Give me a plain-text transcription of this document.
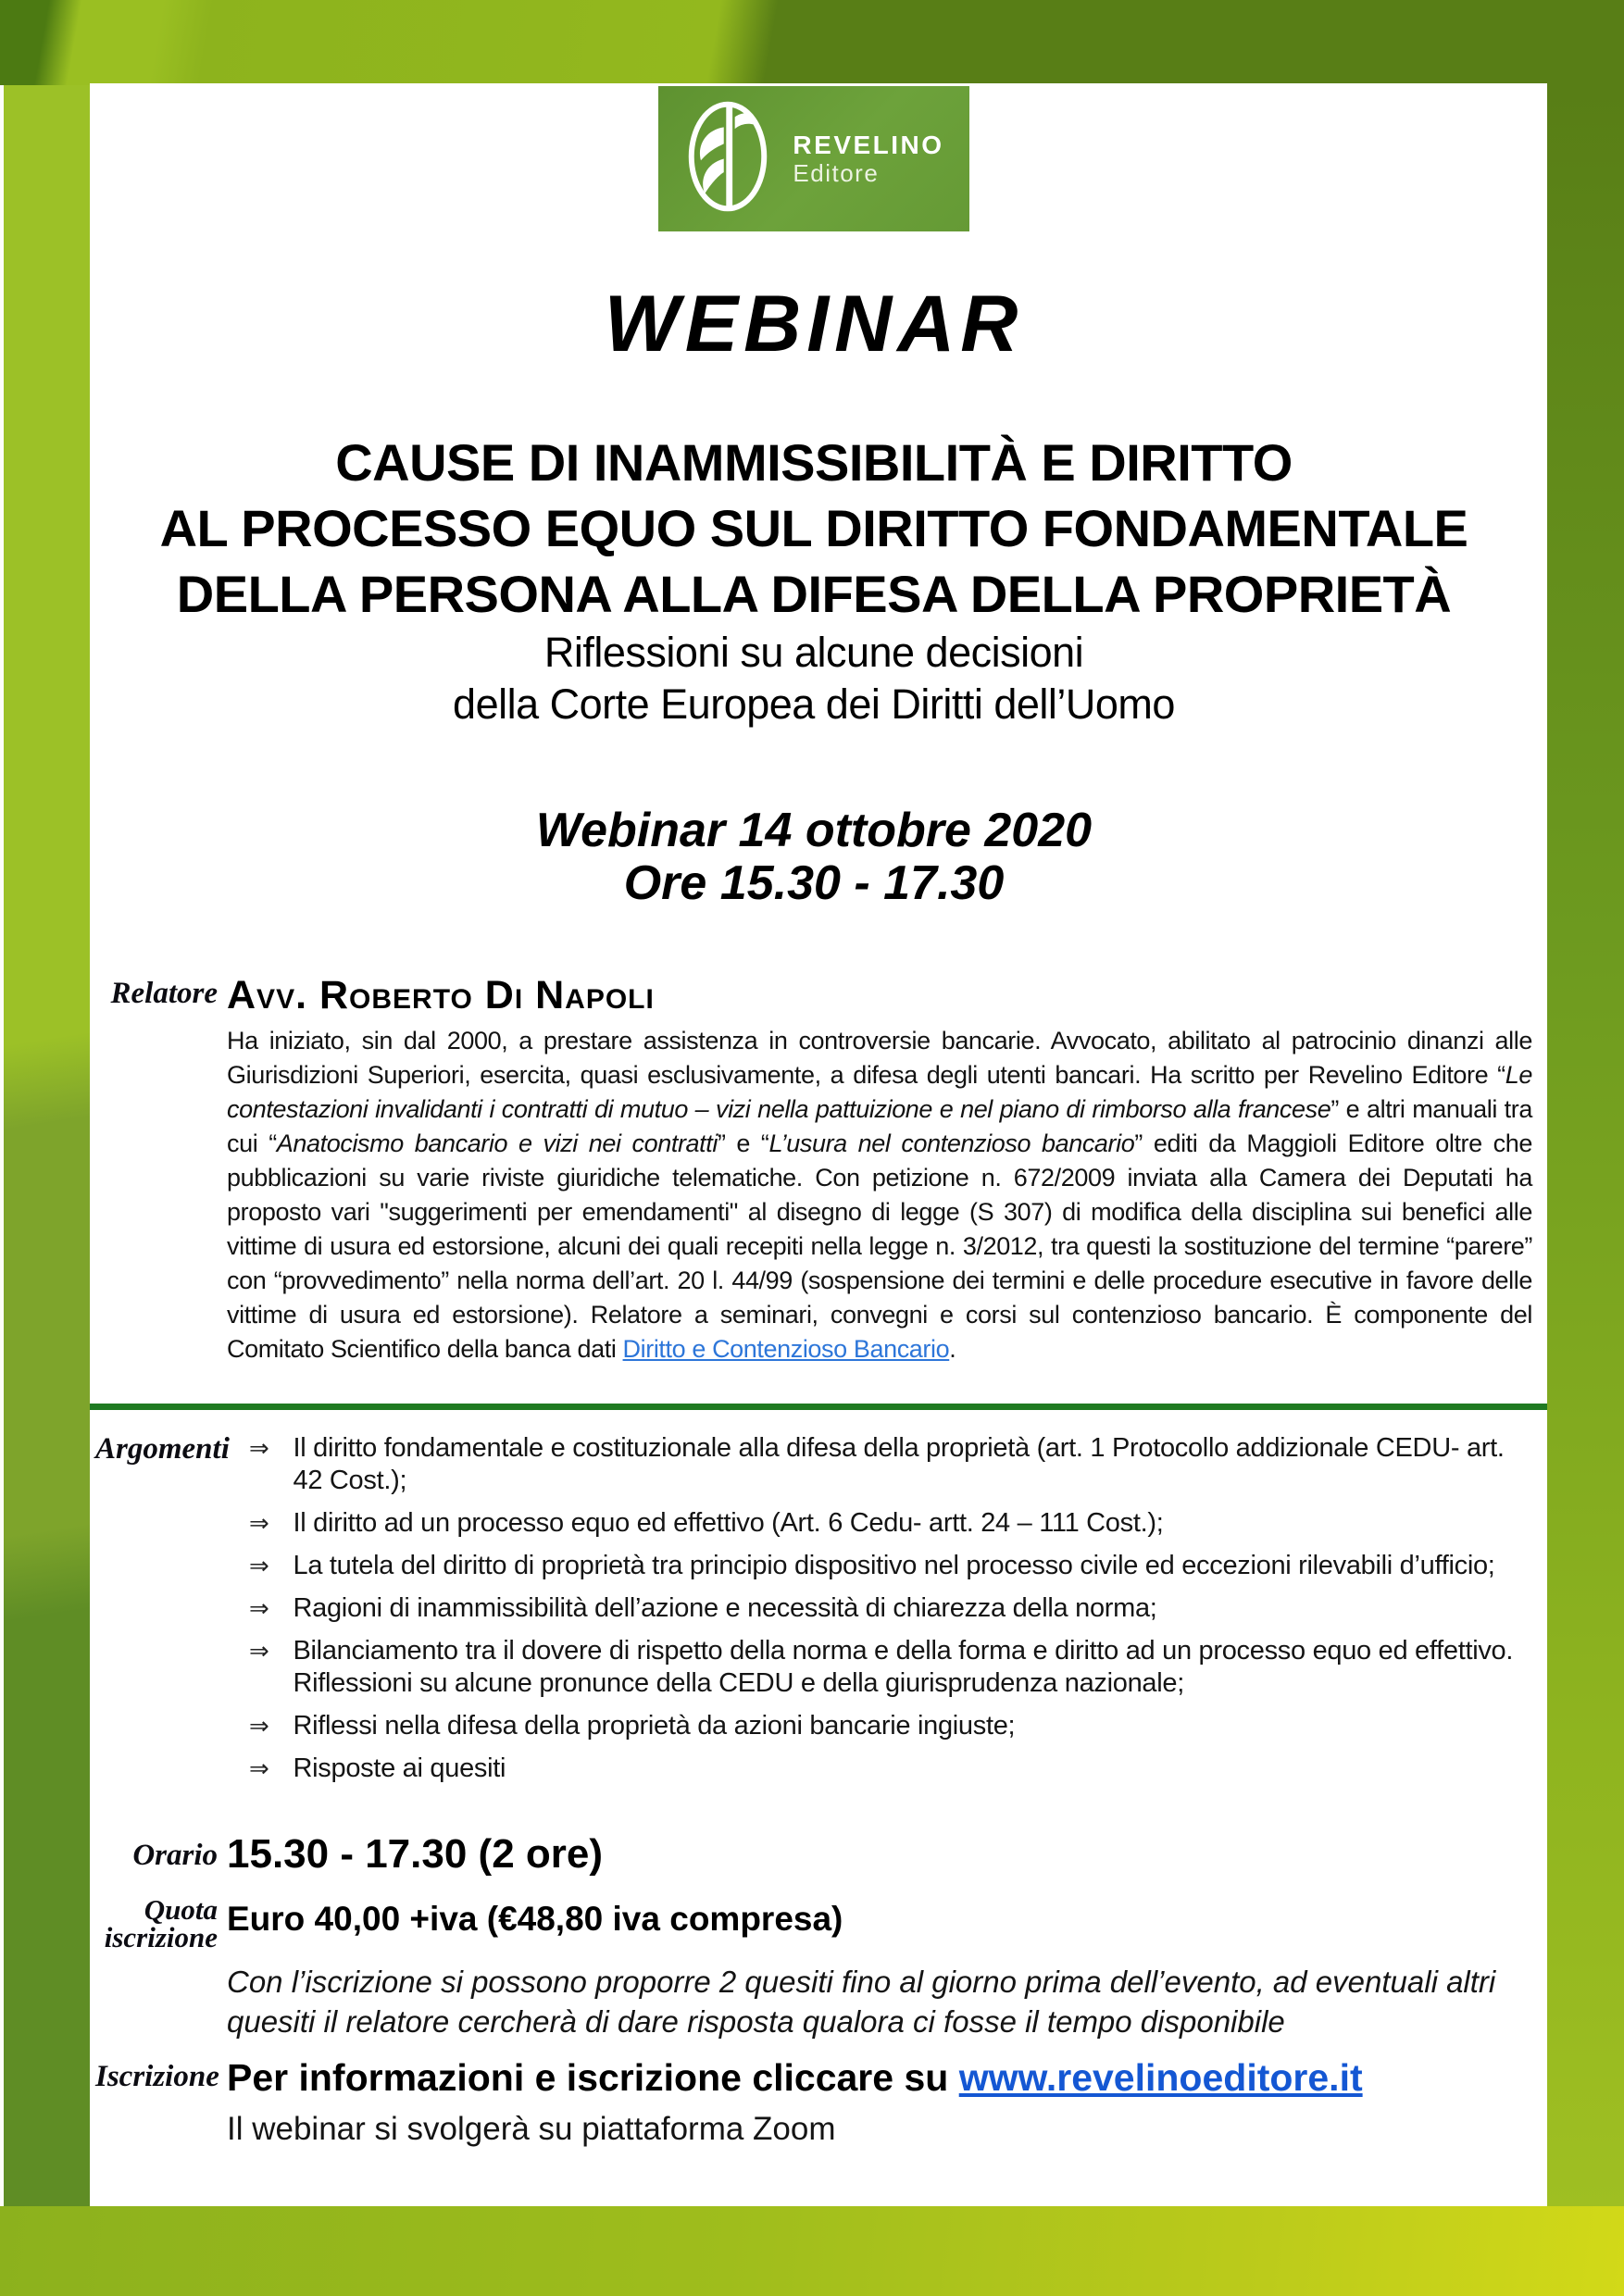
REVELINO
Editore
WEBINAR
CAUSE DI INAMMISSIBILITÀ E DIRITTO
AL PROCESSO EQUO SUL DIRITTO FONDAMENTALE
DELLA PERSONA ALLA DIFESA DELLA PROPRIETÀ
Riflessioni su alcune decisioni
della Corte Europea dei Diritti dell’Uomo
Webinar 14 ottobre 2020
Ore 15.30 - 17.30
Relatore Avv. Roberto Di Napoli
Ha iniziato, sin dal 2000, a prestare assistenza in controversie bancarie. Avvocato, abilitato al patrocinio dinanzi alle Giurisdizioni Superiori, esercita, quasi esclusivamente, a difesa degli utenti bancari. Ha scritto per Revelino Editore “Le contestazioni invalidanti i contratti di mutuo – vizi nella pattuizione e nel piano di rimborso alla francese” e altri manuali tra cui “Anatocismo bancario e vizi nei contratti” e “L’usura nel contenzioso bancario” editi da Maggioli Editore oltre che pubblicazioni su varie riviste giuridiche telematiche. Con petizione n. 672/2009 inviata alla Camera dei Deputati ha proposto vari "suggerimenti per emendamenti" al disegno di legge (S 307) di modifica della disciplina sui benefici alle vittime di usura ed estorsione, alcuni dei quali recepiti nella legge n. 3/2012, tra questi la sostituzione del termine “parere” con “provvedimento” nella norma dell’art. 20 l. 44/99 (sospensione dei termini e delle procedure esecutive in favore delle vittime di usura ed estorsione). Relatore a seminari, convegni e corsi sul contenzioso bancario. È componente del Comitato Scientifico della banca dati Diritto e Contenzioso Bancario.
Argomenti ⇒ Il diritto fondamentale e costituzionale alla difesa della proprietà (art. 1 Protocollo addizionale CEDU- art. 42 Cost.);
⇒ Il diritto ad un processo equo ed effettivo (Art. 6 Cedu- artt. 24 – 111 Cost.);
⇒ La tutela del diritto di proprietà tra principio dispositivo nel processo civile ed eccezioni rilevabili d’ufficio;
⇒ Ragioni di inammissibilità dell’azione e necessità di chiarezza della norma;
⇒ Bilanciamento tra il dovere di rispetto della norma e della forma e diritto ad un processo equo ed effettivo. Riflessioni su alcune pronunce della CEDU e della giurisprudenza nazionale;
⇒ Riflessi nella difesa della proprietà da azioni bancarie ingiuste;
⇒ Risposte ai quesiti
Orario 15.30 - 17.30 (2 ore)
Quota
iscrizione Euro 40,00 +iva (€48,80 iva compresa)
Con l’iscrizione si possono proporre 2 quesiti fino al giorno prima dell’evento, ad eventuali altri quesiti il relatore cercherà di dare risposta qualora ci fosse il tempo disponibile
Iscrizione Per informazioni e iscrizione cliccare su www.revelinoeditore.it
Il webinar si svolgerà su piattaforma Zoom
